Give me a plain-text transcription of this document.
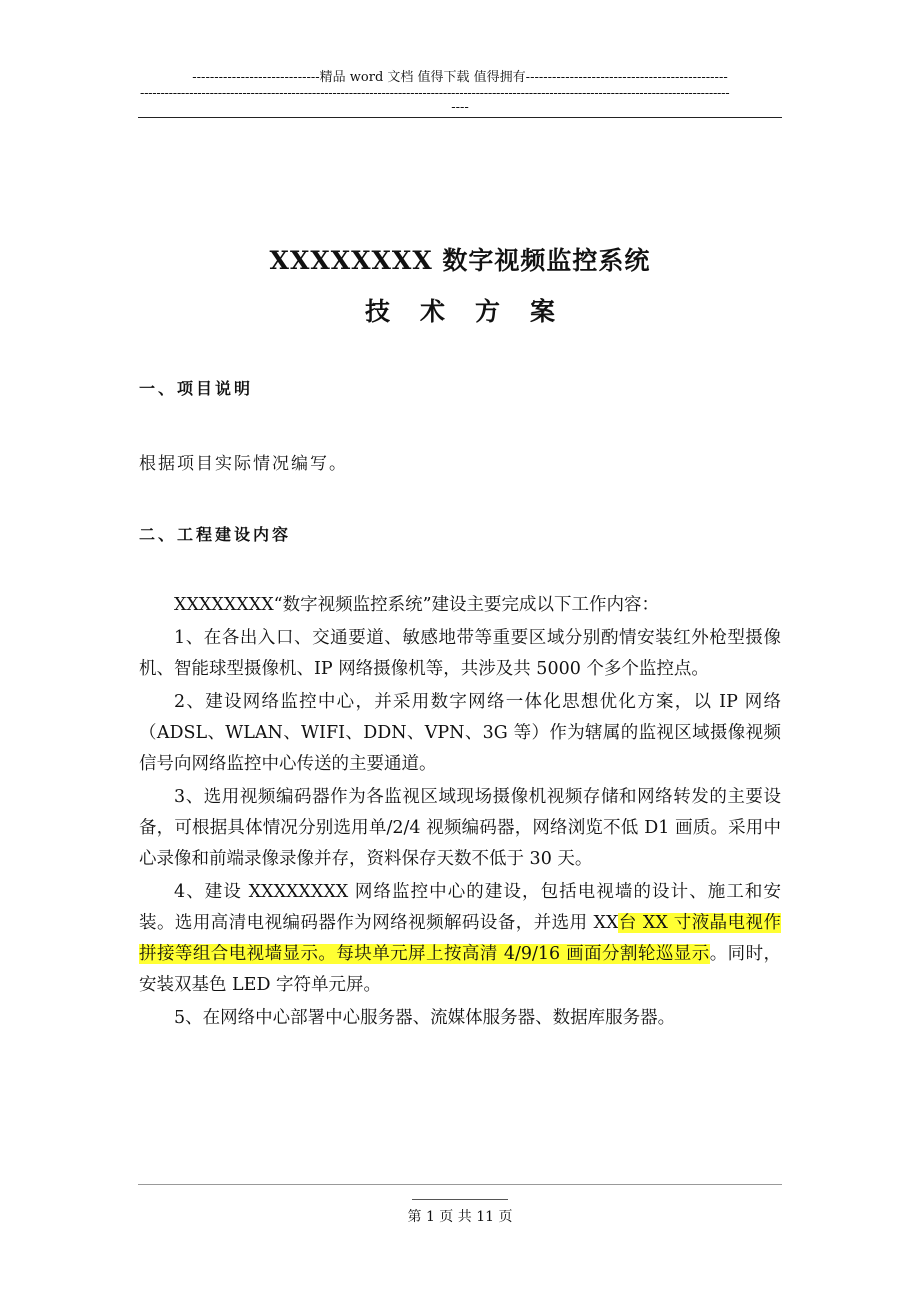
-----------------------------精品 word 文档 值得下载 值得拥有----------------------------------------------
------------------------------------------------------------------------------------------------------------------------------------------------
----
XXXXXXXX 数字视频监控系统
技术方案
一、项目说明
根据项目实际情况编写。
二、工程建设内容

XXXXXXXX“数字视频监控系统”建设主要完成以下工作内容：

1、在各出入口、交通要道、敏感地带等重要区域分别酌情安装红外枪型摄像机、智能球型摄像机、IP 网络摄像机等，共涉及共 5000 个多个监控点。

2、建设网络监控中心，并采用数字网络一体化思想优化方案，以 IP 网络（ADSL、WLAN、WIFI、DDN、VPN、3G 等）作为辖属的监视区域摄像视频信号向网络监控中心传送的主要通道。

3、选用视频编码器作为各监视区域现场摄像机视频存储和网络转发的主要设备，可根据具体情况分别选用单/2/4 视频编码器，网络浏览不低 D1 画质。采用中心录像和前端录像录像并存，资料保存天数不低于 30 天。

4、建设 XXXXXXXX 网络监控中心的建设，包括电视墙的设计、施工和安装。选用高清电视编码器作为网络视频解码设备，并选用 XX台 XX 寸液晶电视作拼接等组合电视墙显示。每块单元屏上按高清 4/9/16 画面分割轮巡显示。同时，安装双基色 LED 字符单元屏。

5、在网络中心部署中心服务器、流媒体服务器、数据库服务器。

第 1 页 共 11 页
